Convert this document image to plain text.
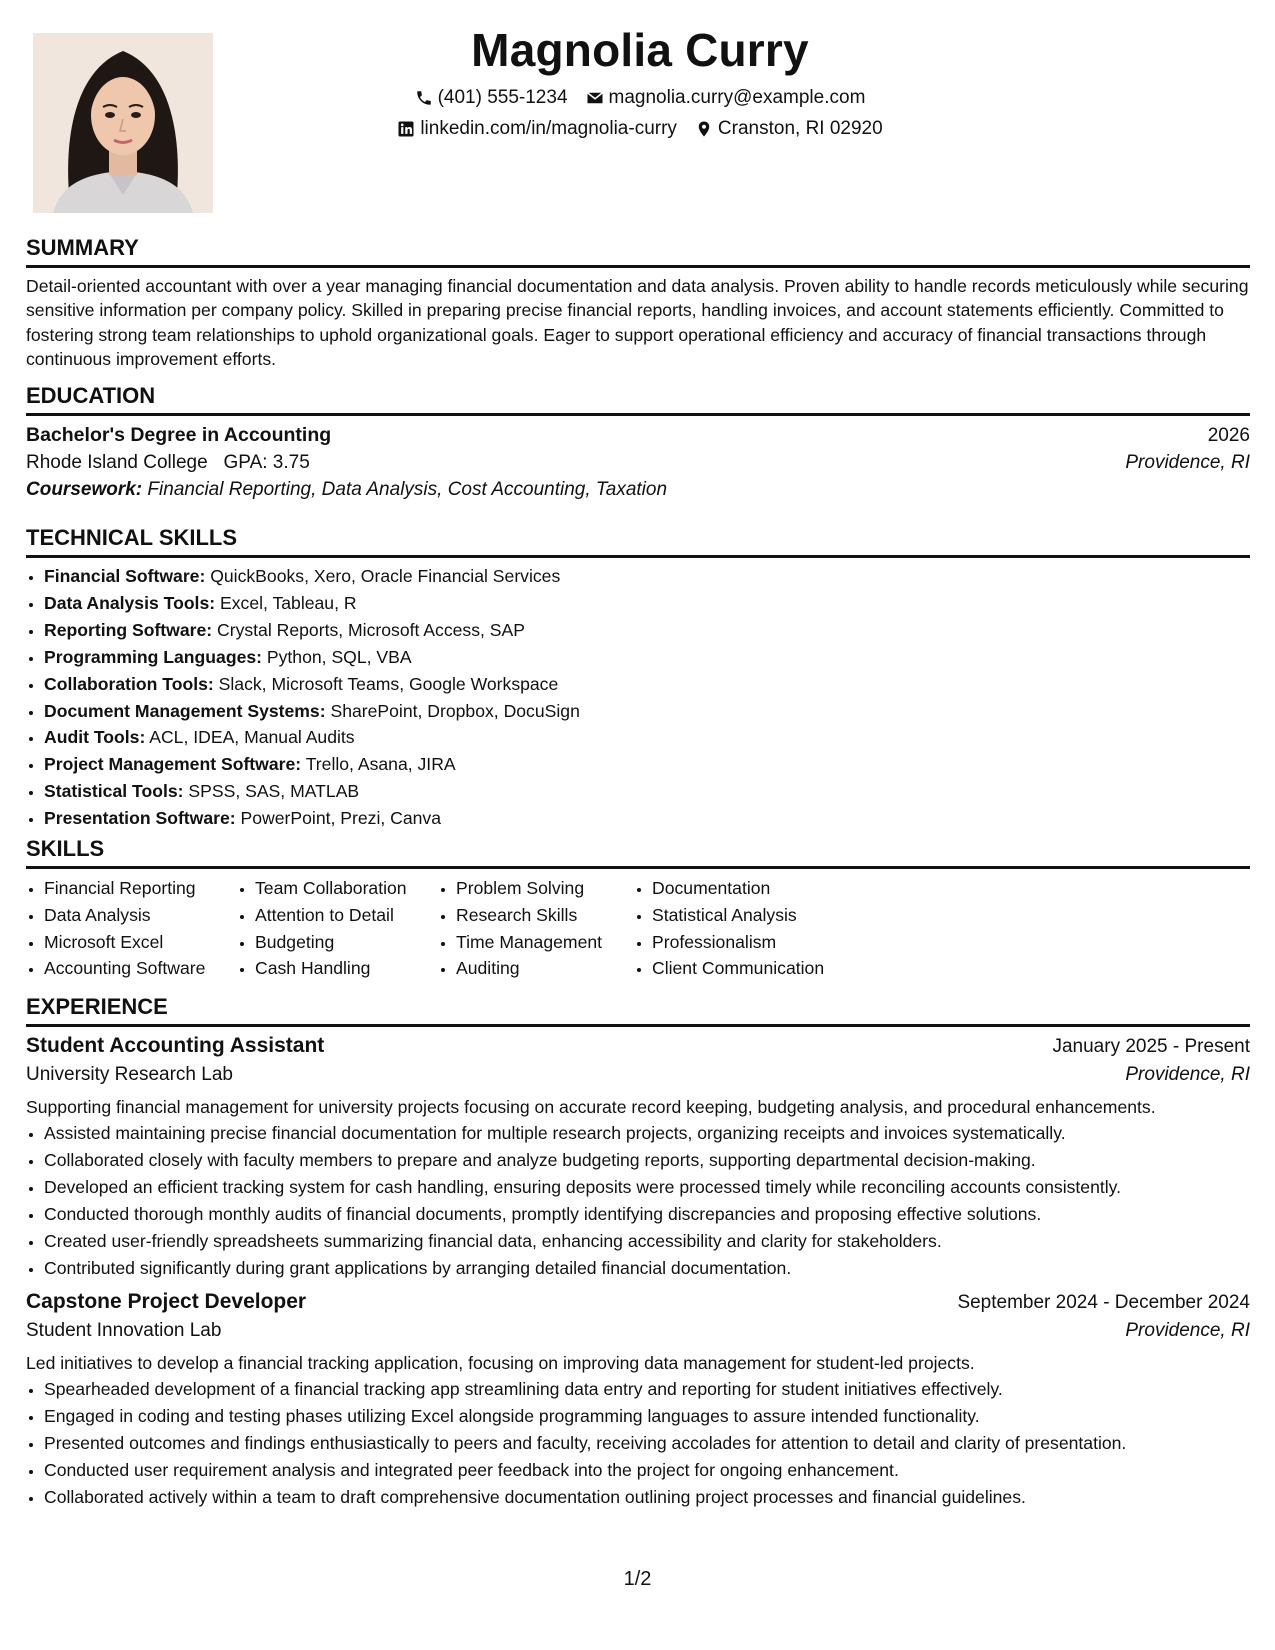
Magnolia Curry
(401) 555-1234 magnolia.curry@example.com
linkedin.com/in/magnolia-curry Cranston, RI 02920
SUMMARY

Detail-oriented accountant with over a year managing financial documentation and data analysis. Proven ability to handle records meticulously while securing sensitive information per company policy. Skilled in preparing precise financial reports, handling invoices, and account statements efficiently. Committed to fostering strong team relationships to uphold organizational goals. Eager to support operational efficiency and accuracy of financial transactions through continuous improvement efforts.

EDUCATION
Bachelor's Degree in Accounting	2026
Rhode Island College GPA: 3.75	Providence, RI
Coursework: Financial Reporting, Data Analysis, Cost Accounting, Taxation
TECHNICAL SKILLS
• Financial Software: QuickBooks, Xero, Oracle Financial Services
• Data Analysis Tools: Excel, Tableau, R
• Reporting Software: Crystal Reports, Microsoft Access, SAP
• Programming Languages: Python, SQL, VBA
• Collaboration Tools: Slack, Microsoft Teams, Google Workspace
• Document Management Systems: SharePoint, Dropbox, DocuSign
• Audit Tools: ACL, IDEA, Manual Audits
• Project Management Software: Trello, Asana, JIRA
• Statistical Tools: SPSS, SAS, MATLAB
• Presentation Software: PowerPoint, Prezi, Canva
SKILLS
• Financial Reporting
• Data Analysis
• Microsoft Excel
• Accounting Software
• Team Collaboration
• Attention to Detail
• Budgeting
• Cash Handling
• Problem Solving
• Research Skills
• Time Management
• Auditing
• Documentation
• Statistical Analysis
• Professionalism
• Client Communication
EXPERIENCE
Student Accounting Assistant	January 2025 - Present
University Research Lab	Providence, RI

Supporting financial management for university projects focusing on accurate record keeping, budgeting analysis, and procedural enhancements.

• Assisted maintaining precise financial documentation for multiple research projects, organizing receipts and invoices systematically.
• Collaborated closely with faculty members to prepare and analyze budgeting reports, supporting departmental decision-making.
• Developed an efficient tracking system for cash handling, ensuring deposits were processed timely while reconciling accounts consistently.
• Conducted thorough monthly audits of financial documents, promptly identifying discrepancies and proposing effective solutions.
• Created user-friendly spreadsheets summarizing financial data, enhancing accessibility and clarity for stakeholders.
• Contributed significantly during grant applications by arranging detailed financial documentation.
Capstone Project Developer	September 2024 - December 2024
Student Innovation Lab	Providence, RI

Led initiatives to develop a financial tracking application, focusing on improving data management for student-led projects.

• Spearheaded development of a financial tracking app streamlining data entry and reporting for student initiatives effectively.
• Engaged in coding and testing phases utilizing Excel alongside programming languages to assure intended functionality.
• Presented outcomes and findings enthusiastically to peers and faculty, receiving accolades for attention to detail and clarity of presentation.
• Conducted user requirement analysis and integrated peer feedback into the project for ongoing enhancement.
• Collaborated actively within a team to draft comprehensive documentation outlining project processes and financial guidelines.
1/2
